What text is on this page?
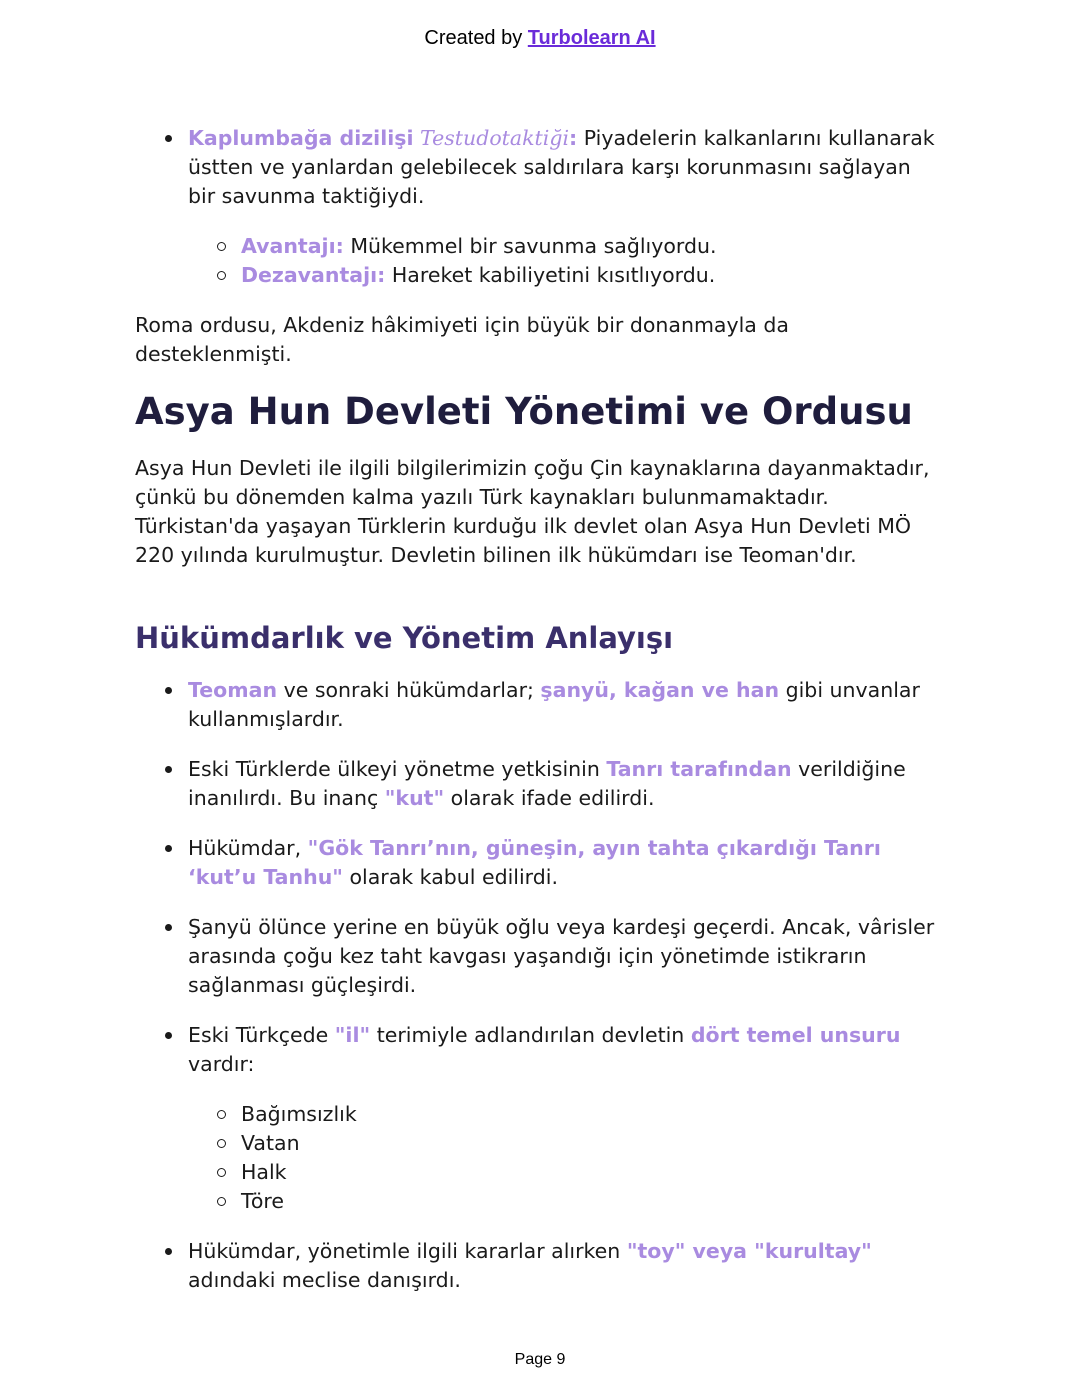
Created by Turbolearn AI
Kaplumbağa dizilişi Testudotaktiği: Piyadelerin kalkanlarını kullanarak üstten ve yanlardan gelebilecek saldırılara karşı korunmasını sağlayan bir savunma taktiğiydi.
Avantajı: Mükemmel bir savunma sağlıyordu.
Dezavantajı: Hareket kabiliyetini kısıtlıyordu.

Roma ordusu, Akdeniz hâkimiyeti için büyük bir donanmayla da desteklenmişti.

Asya Hun Devleti Yönetimi ve Ordusu

Asya Hun Devleti ile ilgili bilgilerimizin çoğu Çin kaynaklarına dayanmaktadır, çünkü bu dönemden kalma yazılı Türk kaynakları bulunmamaktadır. Türkistan'da yaşayan Türklerin kurduğu ilk devlet olan Asya Hun Devleti MÖ 220 yılında kurulmuştur. Devletin bilinen ilk hükümdarı ise Teoman'dır.

Hükümdarlık ve Yönetim Anlayışı
Teoman ve sonraki hükümdarlar; şanyü, kağan ve han gibi unvanlar kullanmışlardır.
Eski Türklerde ülkeyi yönetme yetkisinin Tanrı tarafından verildiğine inanılırdı. Bu inanç "kut" olarak ifade edilirdi.
Hükümdar, "Gök Tanrı’nın, güneşin, ayın tahta çıkardığı Tanrı ‘kut’u Tanhu" olarak kabul edilirdi.
Şanyü ölünce yerine en büyük oğlu veya kardeşi geçerdi. Ancak, vârisler arasında çoğu kez taht kavgası yaşandığı için yönetimde istikrarın sağlanması güçleşirdi.
Eski Türkçede "il" terimiyle adlandırılan devletin dört temel unsuru vardır:
Bağımsızlık
Vatan
Halk
Töre
Hükümdar, yönetimle ilgili kararlar alırken "toy" veya "kurultay" adındaki meclise danışırdı.
Page 9
